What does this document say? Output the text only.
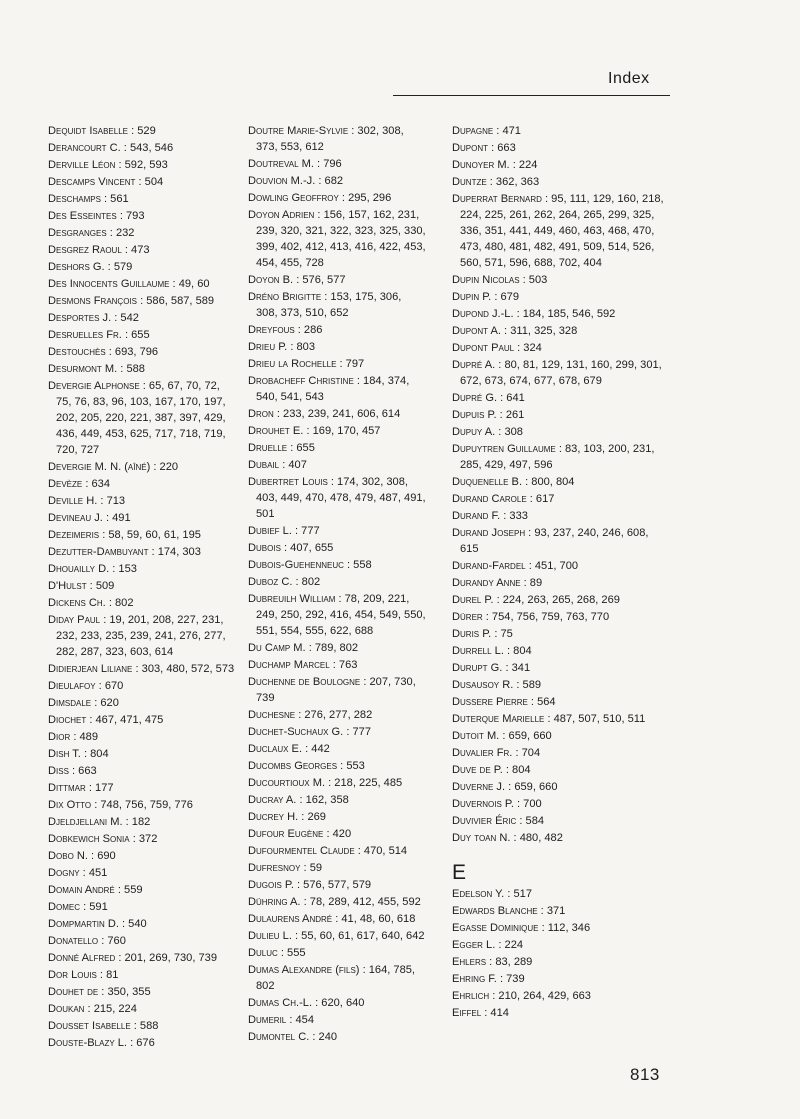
Index
Dequidt Isabelle : 529
Derancourt C. : 543, 546
Derville Léon : 592, 593
Descamps Vincent : 504
Deschamps : 561
Des Esseintes : 793
Desgranges : 232
Desgrez Raoul : 473
Deshors G. : 579
Des Innocents Guillaume : 49, 60
Desmons François : 586, 587, 589
Desportes J. : 542
Desruelles Fr. : 655
Destouchès : 693, 796
Desurmont M. : 588
Devergie Alphonse : 65, 67, 70, 72, 75, 76, 83, 96, 103, 167, 170, 197, 202, 205, 220, 221, 387, 397, 429, 436, 449, 453, 625, 717, 718, 719, 720, 727
Devergie M. N. (aîné) : 220
Devèze : 634
Deville H. : 713
Devineau J. : 491
Dezeimeris : 58, 59, 60, 61, 195
Dezutter-Dambuyant : 174, 303
Dhouailly D. : 153
D'Hulst : 509
Dickens Ch. : 802
Diday Paul : 19, 201, 208, 227, 231, 232, 233, 235, 239, 241, 276, 277, 282, 287, 323, 603, 614
Didierjean Liliane : 303, 480, 572, 573
Dieulafoy : 670
Dimsdale : 620
Diochet : 467, 471, 475
Dior : 489
Dish T. : 804
Diss : 663
Dittmar : 177
Dix Otto : 748, 756, 759, 776
Djeldjellani M. : 182
Dobkewich Sonia : 372
Dobo N. : 690
Dogny : 451
Domain André : 559
Domec : 591
Dompmartin D. : 540
Donatello : 760
Donné Alfred : 201, 269, 730, 739
Dor Louis : 81
Douhet de : 350, 355
Doukan : 215, 224
Dousset Isabelle : 588
Douste-Blazy L. : 676
Doutre Marie-Sylvie : 302, 308, 373, 553, 612
Doutreval M. : 796
Douvion M.-J. : 682
Dowling Geoffroy : 295, 296
Doyon Adrien : 156, 157, 162, 231, 239, 320, 321, 322, 323, 325, 330, 399, 402, 412, 413, 416, 422, 453, 454, 455, 728
Doyon B. : 576, 577
Dréno Brigitte : 153, 175, 306, 308, 373, 510, 652
Dreyfous : 286
Drieu P. : 803
Drieu la Rochelle : 797
Drobacheff Christine : 184, 374, 540, 541, 543
Dron : 233, 239, 241, 606, 614
Drouhet E. : 169, 170, 457
Druelle : 655
Dubail : 407
Dubertret Louis : 174, 302, 308, 403, 449, 470, 478, 479, 487, 491, 501
Dubief L. : 777
Dubois : 407, 655
Dubois-Guehenneuc : 558
Duboz C. : 802
Dubreuilh William : 78, 209, 221, 249, 250, 292, 416, 454, 549, 550, 551, 554, 555, 622, 688
Du Camp M. : 789, 802
Duchamp Marcel : 763
Duchenne de Boulogne : 207, 730, 739
Duchesne : 276, 277, 282
Duchet-Suchaux G. : 777
Duclaux E. : 442
Ducombs Georges : 553
Ducourtioux M. : 218, 225, 485
Ducray A. : 162, 358
Ducrey H. : 269
Dufour Eugène : 420
Dufourmentel Claude : 470, 514
Dufresnoy : 59
Dugois P. : 576, 577, 579
Dühring A. : 78, 289, 412, 455, 592
Dulaurens André : 41, 48, 60, 618
Dulieu L. : 55, 60, 61, 617, 640, 642
Duluc : 555
Dumas Alexandre (fils) : 164, 785, 802
Dumas Ch.-L. : 620, 640
Dumeril : 454
Dumontel C. : 240
Dupagne : 471
Dupont : 663
Dunoyer M. : 224
Duntze : 362, 363
Duperrat Bernard : 95, 111, 129, 160, 218, 224, 225, 261, 262, 264, 265, 299, 325, 336, 351, 441, 449, 460, 463, 468, 470, 473, 480, 481, 482, 491, 509, 514, 526, 560, 571, 596, 688, 702, 404
Dupin Nicolas : 503
Dupin P. : 679
Dupond J.-L. : 184, 185, 546, 592
Dupont A. : 311, 325, 328
Dupont Paul : 324
Dupré A. : 80, 81, 129, 131, 160, 299, 301, 672, 673, 674, 677, 678, 679
Dupré G. : 641
Dupuis P. : 261
Dupuy A. : 308
Dupuytren Guillaume : 83, 103, 200, 231, 285, 429, 497, 596
Duquenelle B. : 800, 804
Durand Carole : 617
Durand F. : 333
Durand Joseph : 93, 237, 240, 246, 608, 615
Durand-Fardel : 451, 700
Durandy Anne : 89
Durel P. : 224, 263, 265, 268, 269
Dürer : 754, 756, 759, 763, 770
Duris P. : 75
Durrell L. : 804
Durupt G. : 341
Dusausoy R. : 589
Dussere Pierre : 564
Duterque Marielle : 487, 507, 510, 511
Dutoit M. : 659, 660
Duvalier Fr. : 704
Duve de P. : 804
Duverne J. : 659, 660
Duvernois P. : 700
Duvivier Éric : 584
Duy toan N. : 480, 482
E
Edelson Y. : 517
Edwards Blanche : 371
Egasse Dominique : 112, 346
Egger L. : 224
Ehlers : 83, 289
Ehring F. : 739
Ehrlich : 210, 264, 429, 663
Eiffel : 414
813
